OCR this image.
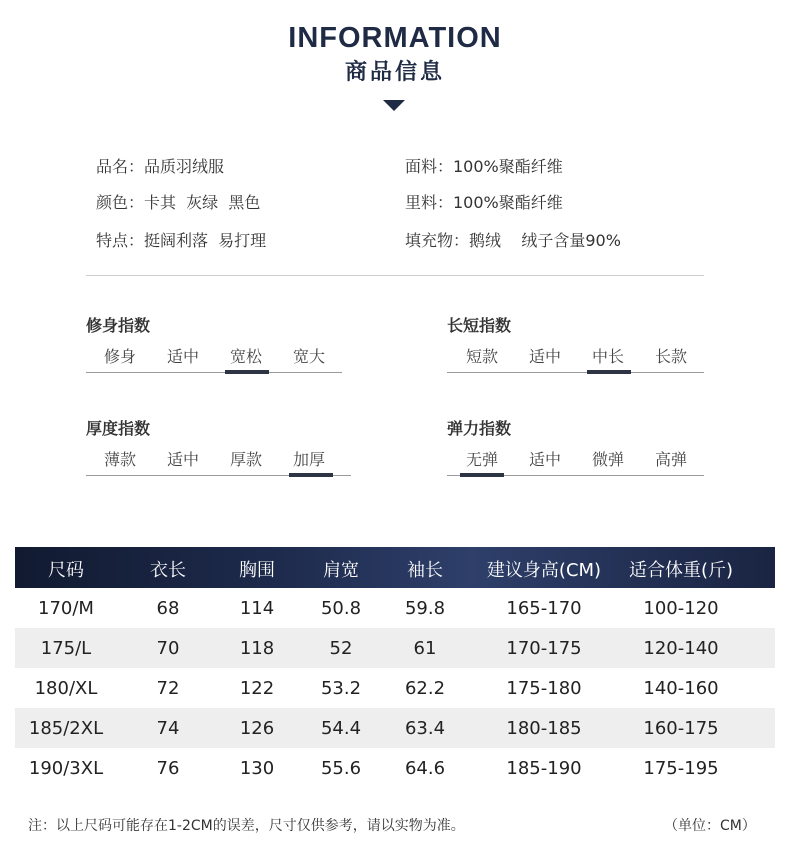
INFORMATION
商品信息
品名：品质羽绒服
颜色：卡其  灰绿  黑色
特点：挺阔利落  易打理
面料：100%聚酯纤维
里料：100%聚酯纤维
填充物：鹅绒    绒子含量90%
修身指数
修身	适中	宽松	宽大
长短指数
短款	适中	中长	长款
厚度指数
薄款	适中	厚款	加厚
弹力指数
无弹	适中	微弹	高弹
尺码	衣长	胸围	肩宽	袖长	建议身高(CM)	适合体重(斤)
170/M	68	114	50.8	59.8	165-170	100-120
175/L	70	118	52	61	170-175	120-140
180/XL	72	122	53.2	62.2	175-180	140-160
185/2XL	74	126	54.4	63.4	180-185	160-175
190/3XL	76	130	55.6	64.6	185-190	175-195
注：以上尺码可能存在1-2CM的误差，尺寸仅供参考，请以实物为准。	（单位：CM）
